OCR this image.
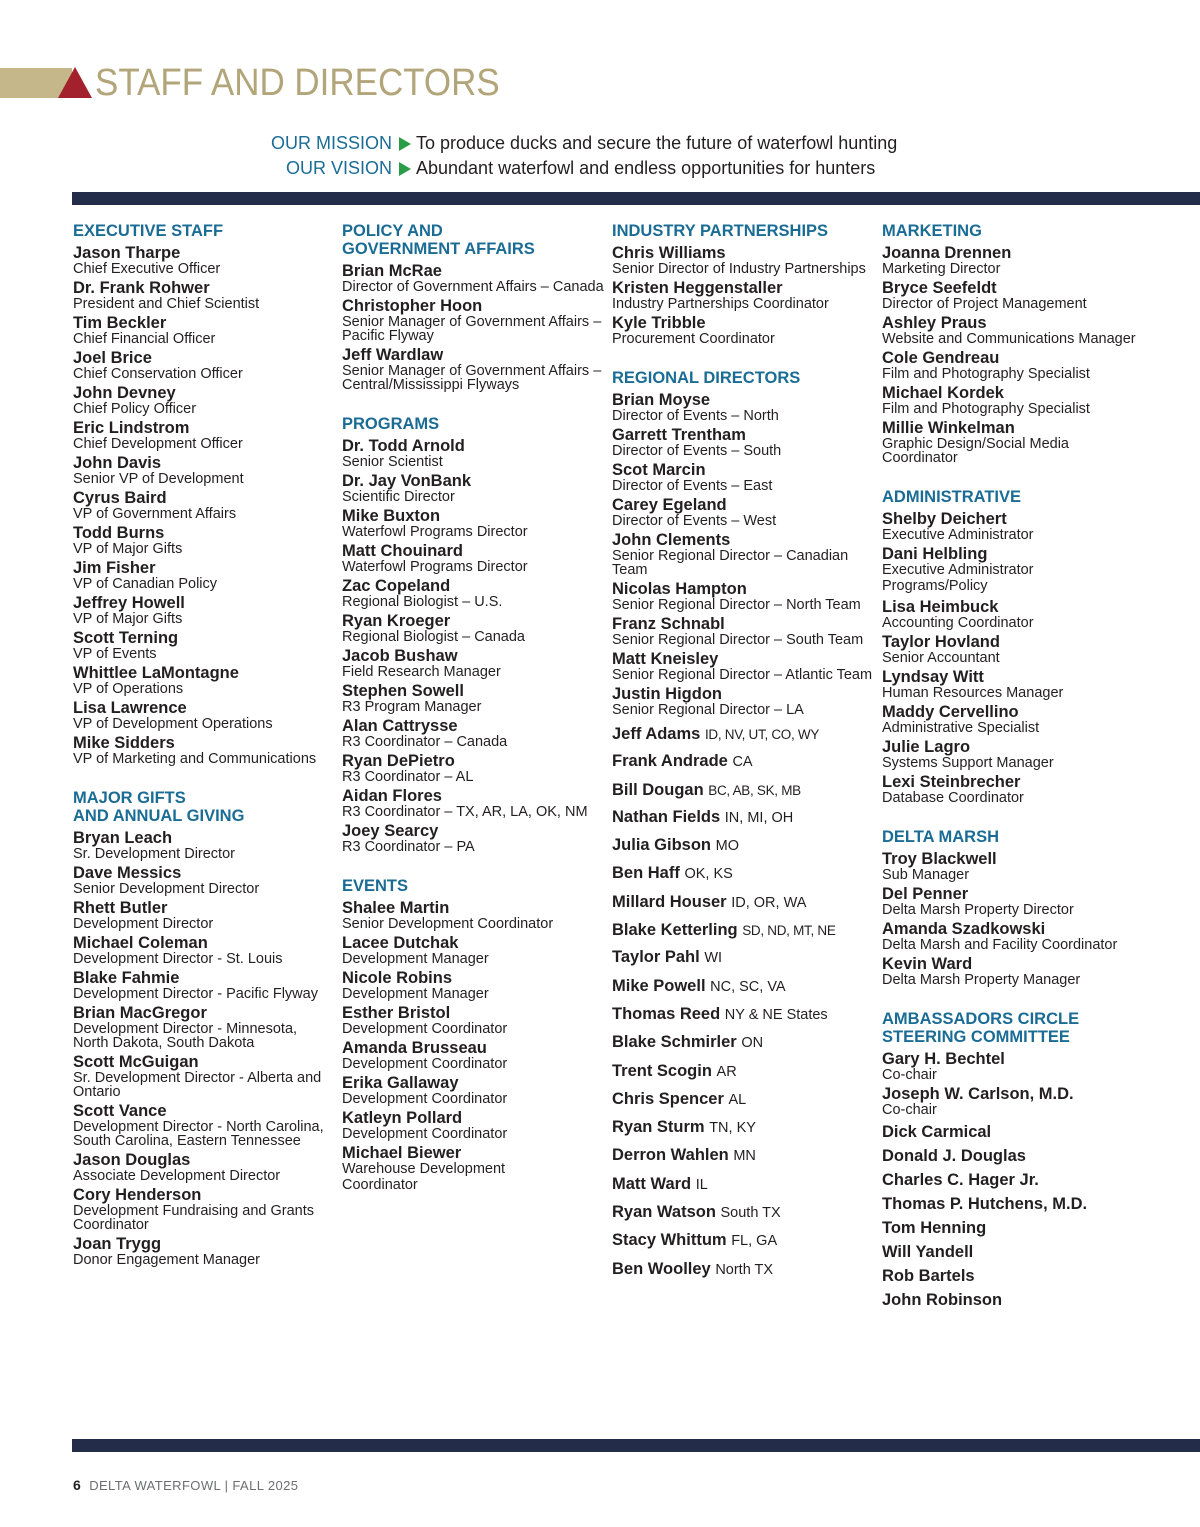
STAFF AND DIRECTORS
OUR MISSION To produce ducks and secure the future of waterfowl hunting
OUR VISION Abundant waterfowl and endless opportunities for hunters
EXECUTIVE STAFF
Jason Tharpe
Chief Executive Officer
Dr. Frank Rohwer
President and Chief Scientist
Tim Beckler
Chief Financial Officer
Joel Brice
Chief Conservation Officer
John Devney
Chief Policy Officer
Eric Lindstrom
Chief Development Officer
John Davis
Senior VP of Development
Cyrus Baird
VP of Government Affairs
Todd Burns
VP of Major Gifts
Jim Fisher
VP of Canadian Policy
Jeffrey Howell
VP of Major Gifts
Scott Terning
VP of Events
Whittlee LaMontagne
VP of Operations
Lisa Lawrence
VP of Development Operations
Mike Sidders
VP of Marketing and Communications
MAJOR GIFTS
AND ANNUAL GIVING
Bryan Leach
Sr. Development Director
Dave Messics
Senior Development Director
Rhett Butler
Development Director
Michael Coleman
Development Director - St. Louis
Blake Fahmie
Development Director - Pacific Flyway
Brian MacGregor
Development Director - Minnesota, North Dakota, South Dakota
Scott McGuigan
Sr. Development Director - Alberta and Ontario
Scott Vance
Development Director - North Carolina, South Carolina, Eastern Tennessee
Jason Douglas
Associate Development Director
Cory Henderson
Development Fundraising and Grants Coordinator
Joan Trygg
Donor Engagement Manager
POLICY AND
GOVERNMENT AFFAIRS
Brian McRae
Director of Government Affairs – Canada
Christopher Hoon
Senior Manager of Government Affairs – Pacific Flyway
Jeff Wardlaw
Senior Manager of Government Affairs – Central/Mississippi Flyways
PROGRAMS
Dr. Todd Arnold
Senior Scientist
Dr. Jay VonBank
Scientific Director
Mike Buxton
Waterfowl Programs Director
Matt Chouinard
Waterfowl Programs Director
Zac Copeland
Regional Biologist – U.S.
Ryan Kroeger
Regional Biologist – Canada
Jacob Bushaw
Field Research Manager
Stephen Sowell
R3 Program Manager
Alan Cattrysse
R3 Coordinator – Canada
Ryan DePietro
R3 Coordinator – AL
Aidan Flores
R3 Coordinator – TX, AR, LA, OK, NM
Joey Searcy
R3 Coordinator – PA
EVENTS
Shalee Martin
Senior Development Coordinator
Lacee Dutchak
Development Manager
Nicole Robins
Development Manager
Esther Bristol
Development Coordinator
Amanda Brusseau
Development Coordinator
Erika Gallaway
Development Coordinator
Katleyn Pollard
Development Coordinator
Michael Biewer
Warehouse Development
Coordinator
INDUSTRY PARTNERSHIPS
Chris Williams
Senior Director of Industry Partnerships
Kristen Heggenstaller
Industry Partnerships Coordinator
Kyle Tribble
Procurement Coordinator
REGIONAL DIRECTORS
Brian Moyse
Director of Events – North
Garrett Trentham
Director of Events – South
Scot Marcin
Director of Events – East
Carey Egeland
Director of Events – West
John Clements
Senior Regional Director – Canadian Team
Nicolas Hampton
Senior Regional Director – North Team
Franz Schnabl
Senior Regional Director – South Team
Matt Kneisley
Senior Regional Director – Atlantic Team
Justin Higdon
Senior Regional Director – LA
Jeff Adams ID, NV, UT, CO, WY
Frank Andrade CA
Bill Dougan BC, AB, SK, MB
Nathan Fields IN, MI, OH
Julia Gibson MO
Ben Haff OK, KS
Millard Houser ID, OR, WA
Blake Ketterling SD, ND, MT, NE
Taylor Pahl WI
Mike Powell NC, SC, VA
Thomas Reed NY & NE States
Blake Schmirler ON
Trent Scogin AR
Chris Spencer AL
Ryan Sturm TN, KY
Derron Wahlen MN
Matt Ward IL
Ryan Watson South TX
Stacy Whittum FL, GA
Ben Woolley North TX
MARKETING
Joanna Drennen
Marketing Director
Bryce Seefeldt
Director of Project Management
Ashley Praus
Website and Communications Manager
Cole Gendreau
Film and Photography Specialist
Michael Kordek
Film and Photography Specialist
Millie Winkelman
Graphic Design/Social Media Coordinator
ADMINISTRATIVE
Shelby Deichert
Executive Administrator
Dani Helbling
Executive Administrator
Programs/Policy
Lisa Heimbuck
Accounting Coordinator
Taylor Hovland
Senior Accountant
Lyndsay Witt
Human Resources Manager
Maddy Cervellino
Administrative Specialist
Julie Lagro
Systems Support Manager
Lexi Steinbrecher
Database Coordinator
DELTA MARSH
Troy Blackwell
Sub Manager
Del Penner
Delta Marsh Property Director
Amanda Szadkowski
Delta Marsh and Facility Coordinator
Kevin Ward
Delta Marsh Property Manager
AMBASSADORS CIRCLE
STEERING COMMITTEE
Gary H. Bechtel
Co-chair
Joseph W. Carlson, M.D.
Co-chair
Dick Carmical
Donald J. Douglas
Charles C. Hager Jr.
Thomas P. Hutchens, M.D.
Tom Henning
Will Yandell
Rob Bartels
John Robinson
6 DELTA WATERFOWL | FALL 2025
